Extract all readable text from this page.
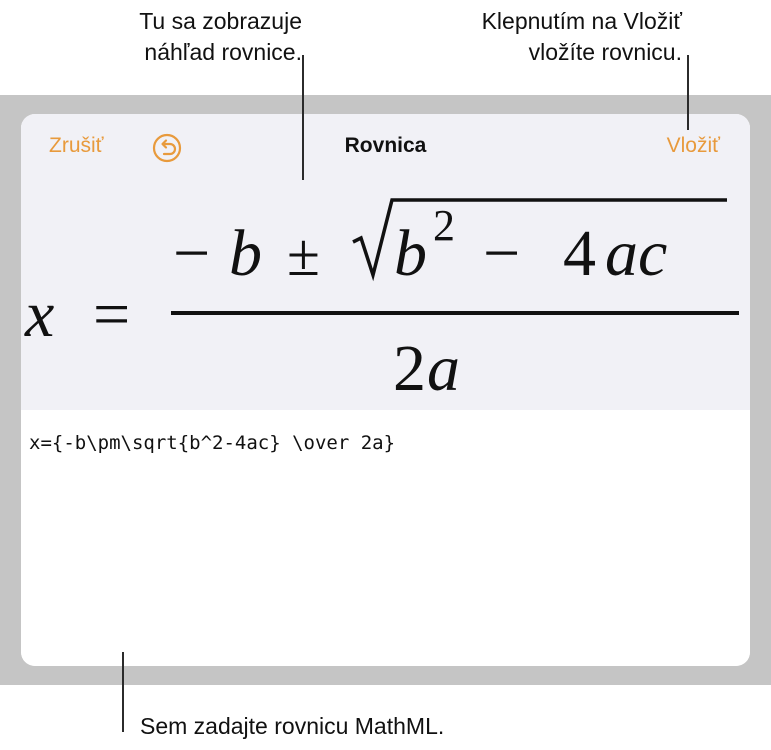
Tu sa zobrazuje
náhľad rovnice.
Klepnutím na Vložiť
vložíte rovnicu.
Sem zadajte rovnicu MathML.
Zrušiť	Rovnica	Vložiť
x =
− b ± b 2 − 4 ac
2 a
x={-b\pm\sqrt{b^2-4ac} \over 2a}
